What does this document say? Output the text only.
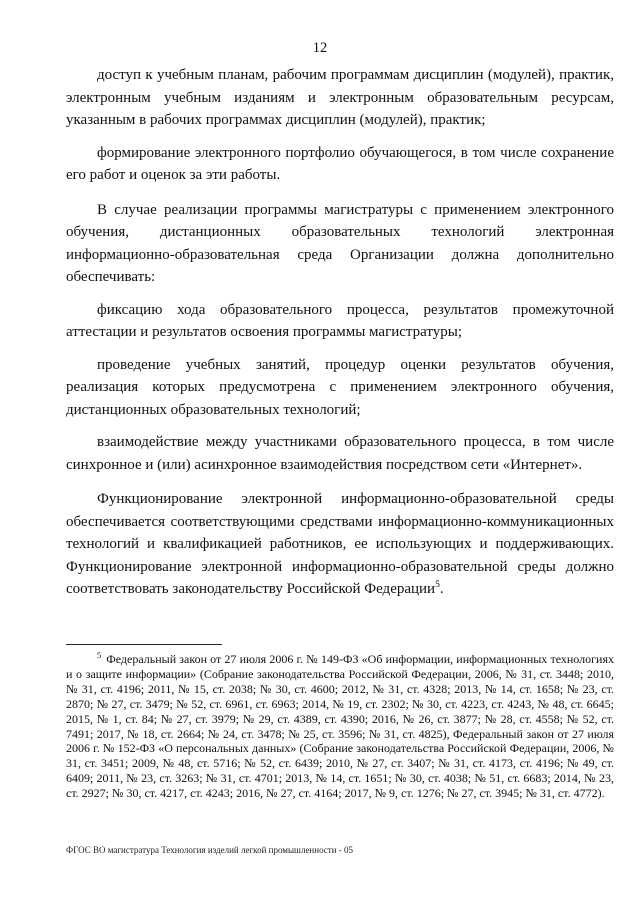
12

доступ к учебным планам, рабочим программам дисциплин (модулей), практик, электронным учебным изданиям и электронным образовательным ресурсам, указанным в рабочих программах дисциплин (модулей), практик;

формирование электронного портфолио обучающегося, в том числе сохранение его работ и оценок за эти работы.

В случае реализации программы магистратуры с применением электронного обучения, дистанционных образовательных технологий электронная информационно-образовательная среда Организации должна дополнительно обеспечивать:

фиксацию хода образовательного процесса, результатов промежуточной аттестации и результатов освоения программы магистратуры;

проведение учебных занятий, процедур оценки результатов обучения, реализация которых предусмотрена с применением электронного обучения, дистанционных образовательных технологий;

взаимодействие между участниками образовательного процесса, в том числе синхронное и (или) асинхронное взаимодействия посредством сети «Интернет».

Функционирование электронной информационно-образовательной среды обеспечивается соответствующими средствами информационно-коммуникационных технологий и квалификацией работников, ее использующих и поддерживающих. Функционирование электронной информационно-образовательной среды должно соответствовать законодательству Российской Федерации$^5$.

$^5$ Федеральный закон от 27 июля 2006 г. № 149-ФЗ «Об информации, информационных технологиях и о защите информации» (Собрание законодательства Российской Федерации, 2006, № 31, ст. 3448; 2010, № 31, ст. 4196; 2011, № 15, ст. 2038; № 30, ст. 4600; 2012, № 31, ст. 4328; 2013, № 14, ст. 1658; № 23, ст. 2870; № 27, ст. 3479; № 52, ст. 6961, ст. 6963; 2014, № 19, ст. 2302; № 30, ст. 4223, ст. 4243, № 48, ст. 6645; 2015, № 1, ст. 84; № 27, ст. 3979; № 29, ст. 4389, ст. 4390; 2016, № 26, ст. 3877; № 28, ст. 4558; № 52, ст. 7491; 2017, № 18, ст. 2664; № 24, ст. 3478; № 25, ст. 3596; № 31, ст. 4825), Федеральный закон от 27 июля 2006 г. № 152-ФЗ «О персональных данных» (Собрание законодательства Российской Федерации, 2006, № 31, ст. 3451; 2009, № 48, ст. 5716; № 52, ст. 6439; 2010, № 27, ст. 3407; № 31, ст. 4173, ст. 4196; № 49, ст. 6409; 2011, № 23, ст. 3263; № 31, ст. 4701; 2013, № 14, ст. 1651; № 30, ст. 4038; № 51, ст. 6683; 2014, № 23, ст. 2927; № 30, ст. 4217, ст. 4243; 2016, № 27, ст. 4164; 2017, № 9, ст. 1276; № 27, ст. 3945; № 31, ст. 4772).

ФГОС ВО магистратура Технология изделий легкой промышленности - 05
